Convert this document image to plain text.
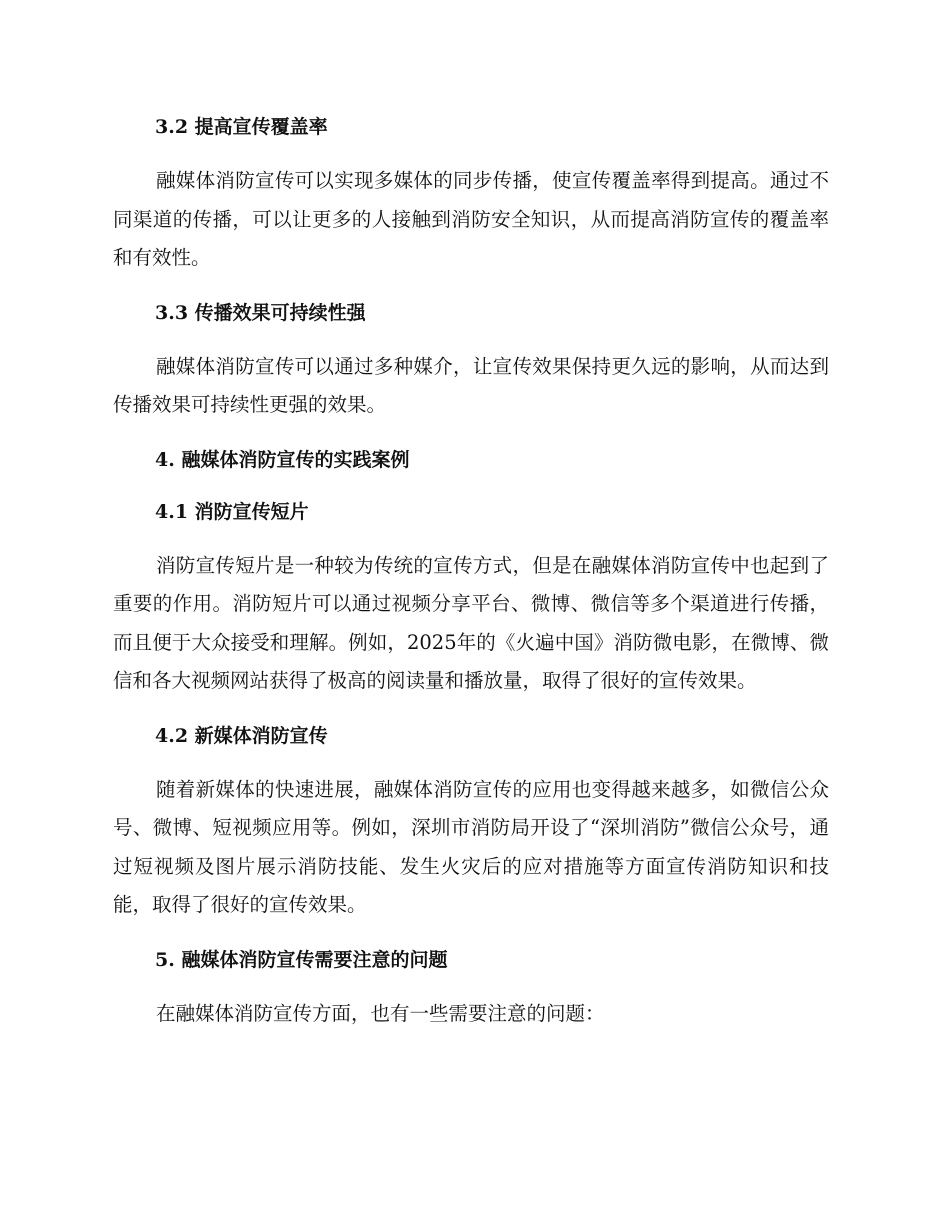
3.2 提高宣传覆盖率

融媒体消防宣传可以实现多媒体的同步传播，使宣传覆盖率得到提高。通过不同渠道的传播，可以让更多的人接触到消防安全知识，从而提高消防宣传的覆盖率和有效性。

3.3 传播效果可持续性强

融媒体消防宣传可以通过多种媒介，让宣传效果保持更久远的影响，从而达到传播效果可持续性更强的效果。

4. 融媒体消防宣传的实践案例
4.1 消防宣传短片

消防宣传短片是一种较为传统的宣传方式，但是在融媒体消防宣传中也起到了重要的作用。消防短片可以通过视频分享平台、微博、微信等多个渠道进行传播，而且便于大众接受和理解。例如，2025年的《火遍中国》消防微电影，在微博、微信和各大视频网站获得了极高的阅读量和播放量，取得了很好的宣传效果。

4.2 新媒体消防宣传

随着新媒体的快速进展，融媒体消防宣传的应用也变得越来越多，如微信公众号、微博、短视频应用等。例如，深圳市消防局开设了“深圳消防”微信公众号，通过短视频及图片展示消防技能、发生火灾后的应对措施等方面宣传消防知识和技能，取得了很好的宣传效果。

5. 融媒体消防宣传需要注意的问题

在融媒体消防宣传方面，也有一些需要注意的问题：
